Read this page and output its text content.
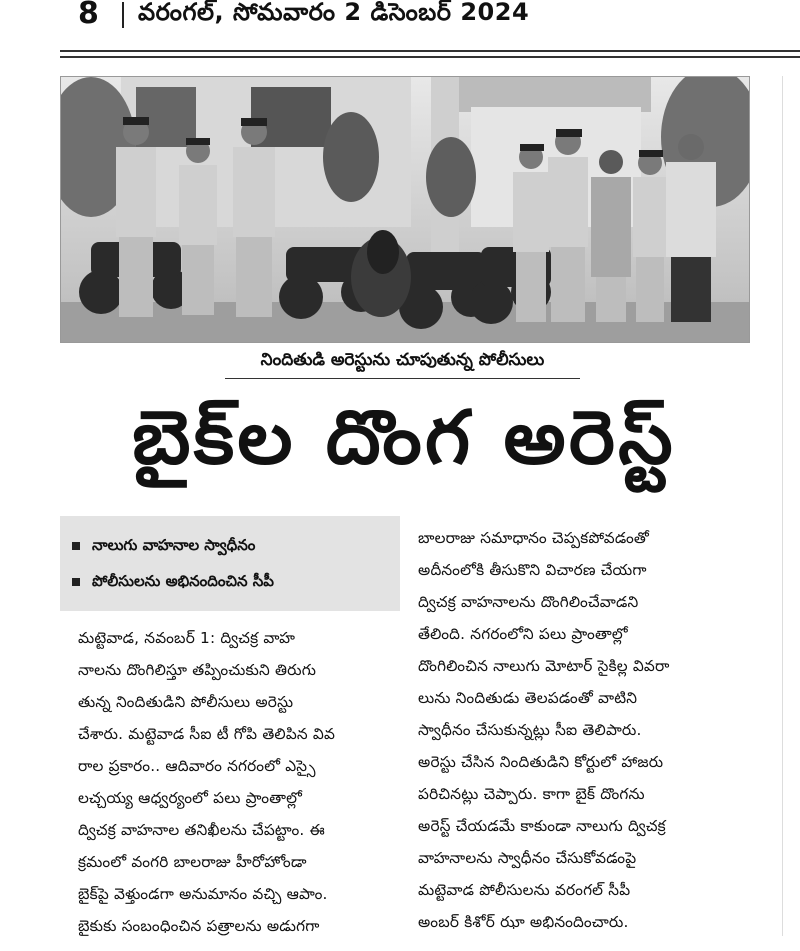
8 వరంగల్, సోమవారం 2 డిసెంబర్ 2024
నిందితుడి అరెస్టును చూపుతున్న పోలీసులు
బైక్‌ల దొంగ అరెస్ట్
నాలుగు వాహనాల స్వాధీనం
పోలీసులను అభినందించిన సీపీ
మట్టెవాడ, నవంబర్ 1: ద్విచక్ర వాహ
నాలను దొంగిలిస్తూ తప్పించుకుని తిరుగు
తున్న నిందితుడిని పోలీసులు అరెస్టు
చేశారు. మట్టెవాడ సీఐ టీ గోపి తెలిపిన వివ
రాల ప్రకారం.. ఆదివారం నగరంలో ఎస్సై
లచ్చయ్య ఆధ్వర్యంలో పలు ప్రాంతాల్లో
ద్విచక్ర వాహనాల తనిఖీలను చేపట్టాం. ఈ
క్రమంలో వంగరి బాలరాజు హీరోహోండా
బైక్‌పై వెళ్తుండగా అనుమానం వచ్చి ఆపాం.
బైకుకు సంబంధించిన పత్రాలను అడుగగా
బాలరాజు సమాధానం చెప్పకపోవడంతో
అదీనంలోకి తీసుకొని విచారణ చేయగా
ద్విచక్ర వాహనాలను దొంగిలించేవాడని
తేలింది. నగరంలోని పలు ప్రాంతాల్లో
దొంగిలించిన నాలుగు మోటార్ సైకిల్ల వివరా
లును నిందితుడు తెలపడంతో వాటిని
స్వాధీనం చేసుకున్నట్లు సీఐ తెలిపారు.
అరెస్టు చేసిన నిందితుడిని కోర్టులో హాజరు
పరిచినట్లు చెప్పారు. కాగా బైక్ దొంగను
అరెస్ట్ చేయడమే కాకుండా నాలుగు ద్విచక్ర
వాహనాలను స్వాధీనం చేసుకోవడంపై
మట్టెవాడ పోలీసులను వరంగల్ సీపీ
అంబర్ కిశోర్ ఝా అభినందించారు.
